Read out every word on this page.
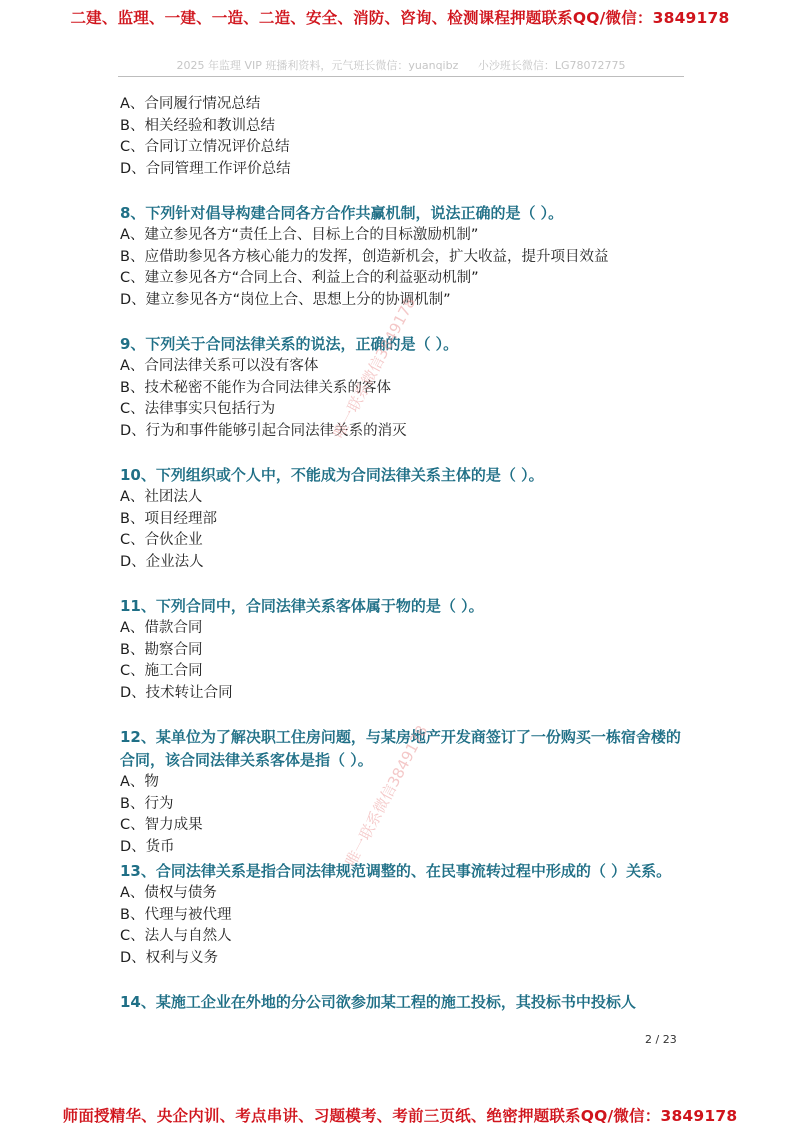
二建、监理、一建、一造、二造、安全、消防、咨询、检测课程押题联系QQ/微信：3849178
2025 年监理 VIP 班播利资料，元气班长微信：yuanqibz 小沙班长微信：LG78072775
A、合同履行情况总结
B、相关经验和教训总结
C、合同订立情况评价总结
D、合同管理工作评价总结
8、下列针对倡导构建合同各方合作共赢机制，说法正确的是（ ）。
A、建立参见各方“责任上合、目标上合的目标激励机制”
B、应借助参见各方核心能力的发挥，创造新机会，扩大收益，提升项目效益
C、建立参见各方“合同上合、利益上合的利益驱动机制”
D、建立参见各方“岗位上合、思想上分的协调机制”
9、下列关于合同法律关系的说法，正确的是（ ）。
A、合同法律关系可以没有客体
B、技术秘密不能作为合同法律关系的客体
C、法律事实只包括行为
D、行为和事件能够引起合同法律关系的消灭
10、下列组织或个人中，不能成为合同法律关系主体的是（ ）。
A、社团法人
B、项目经理部
C、合伙企业
D、企业法人
11、下列合同中，合同法律关系客体属于物的是（ ）。
A、借款合同
B、勘察合同
C、施工合同
D、技术转让合同
12、某单位为了解决职工住房问题，与某房地产开发商签订了一份购买一栋宿舍楼的合同，该合同法律关系客体是指（ ）。
A、物
B、行为
C、智力成果
D、货币
13、合同法律关系是指合同法律规范调整的、在民事流转过程中形成的（ ）关系。
A、债权与债务
B、代理与被代理
C、法人与自然人
D、权利与义务
14、某施工企业在外地的分公司欲参加某工程的施工投标，其投标书中投标人
2 / 23
唯一联系微信3849178
唯一联系微信3849178
师面授精华、央企内训、考点串讲、习题模考、考前三页纸、绝密押题联系QQ/微信：3849178
